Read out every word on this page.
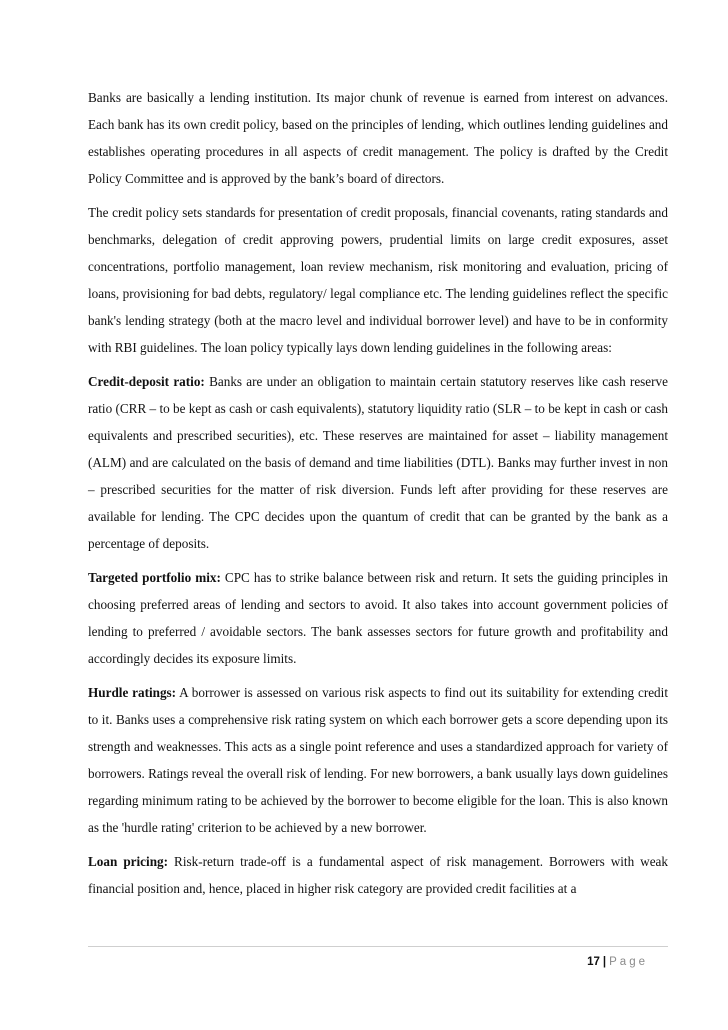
Banks are basically a lending institution. Its major chunk of revenue is earned from interest on advances. Each bank has its own credit policy, based on the principles of lending, which outlines lending guidelines and establishes operating procedures in all aspects of credit management. The policy is drafted by the Credit Policy Committee and is approved by the bank’s board of directors.

The credit policy sets standards for presentation of credit proposals, financial covenants, rating standards and benchmarks, delegation of credit approving powers, prudential limits on large credit exposures, asset concentrations, portfolio management, loan review mechanism, risk monitoring and evaluation, pricing of loans, provisioning for bad debts, regulatory/ legal compliance etc. The lending guidelines reflect the specific bank's lending strategy (both at the macro level and individual borrower level) and have to be in conformity with RBI guidelines. The loan policy typically lays down lending guidelines in the following areas:

Credit-deposit ratio: Banks are under an obligation to maintain certain statutory reserves like cash reserve ratio (CRR – to be kept as cash or cash equivalents), statutory liquidity ratio (SLR – to be kept in cash or cash equivalents and prescribed securities), etc. These reserves are maintained for asset – liability management (ALM) and are calculated on the basis of demand and time liabilities (DTL). Banks may further invest in non – prescribed securities for the matter of risk diversion. Funds left after providing for these reserves are available for lending. The CPC decides upon the quantum of credit that can be granted by the bank as a percentage of deposits.

Targeted portfolio mix: CPC has to strike balance between risk and return. It sets the guiding principles in choosing preferred areas of lending and sectors to avoid. It also takes into account government policies of lending to preferred / avoidable sectors. The bank assesses sectors for future growth and profitability and accordingly decides its exposure limits.

Hurdle ratings: A borrower is assessed on various risk aspects to find out its suitability for extending credit to it. Banks uses a comprehensive risk rating system on which each borrower gets a score depending upon its strength and weaknesses. This acts as a single point reference and uses a standardized approach for variety of borrowers. Ratings reveal the overall risk of lending. For new borrowers, a bank usually lays down guidelines regarding minimum rating to be achieved by the borrower to become eligible for the loan. This is also known as the 'hurdle rating' criterion to be achieved by a new borrower.

Loan pricing: Risk-return trade-off is a fundamental aspect of risk management. Borrowers with weak financial position and, hence, placed in higher risk category are provided credit facilities at a

17 | Page
